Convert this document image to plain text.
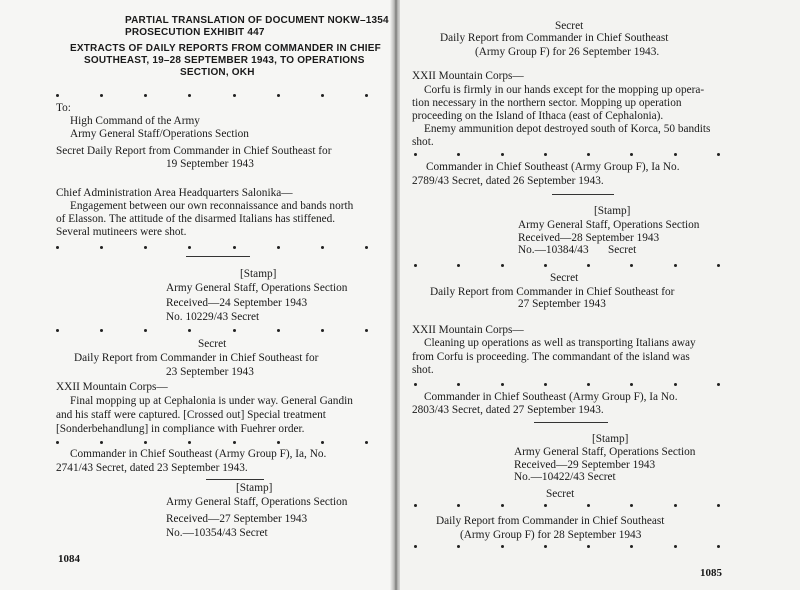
PARTIAL TRANSLATION OF DOCUMENT NOKW–1354
PROSECUTION EXHIBIT 447
EXTRACTS OF DAILY REPORTS FROM COMMANDER IN CHIEF
SOUTHEAST, 19–28 SEPTEMBER 1943, TO OPERATIONS
SECTION, OKH
To:
High Command of the Army
Army General Staff/Operations Section
Secret Daily Report from Commander in Chief Southeast for
19 September 1943
Chief Administration Area Headquarters Salonika—
Engagement between our own reconnaissance and bands north
of Elasson. The attitude of the disarmed Italians has stiffened.
Several mutineers were shot.
[Stamp]
Army General Staff, Operations Section
Received—24 September 1943
No. 10229/43 Secret
Secret
Daily Report from Commander in Chief Southeast for
23 September 1943
XXII Mountain Corps—
Final mopping up at Cephalonia is under way. General Gandin
and his staff were captured. [Crossed out] Special treatment
[Sonderbehandlung] in compliance with Fuehrer order.
Commander in Chief Southeast (Army Group F), Ia, No.
2741/43 Secret, dated 23 September 1943.
[Stamp]
Army General Staff, Operations Section
Received—27 September 1943
No.—10354/43 Secret
1084
Secret
Daily Report from Commander in Chief Southeast
(Army Group F) for 26 September 1943.
XXII Mountain Corps—
Corfu is firmly in our hands except for the mopping up opera-
tion necessary in the northern sector. Mopping up operation
proceeding on the Island of Ithaca (east of Cephalonia).
Enemy ammunition depot destroyed south of Korca, 50 bandits
shot.
Commander in Chief Southeast (Army Group F), Ia No.
2789/43 Secret, dated 26 September 1943.
[Stamp]
Army General Staff, Operations Section
Received—28 September 1943
No.—10384/43 Secret
Secret
Daily Report from Commander in Chief Southeast for
27 September 1943
XXII Mountain Corps—
Cleaning up operations as well as transporting Italians away
from Corfu is proceeding. The commandant of the island was
shot.
Commander in Chief Southeast (Army Group F), Ia No.
2803/43 Secret, dated 27 September 1943.
[Stamp]
Army General Staff, Operations Section
Received—29 September 1943
No.—10422/43 Secret
Secret
Daily Report from Commander in Chief Southeast
(Army Group F) for 28 September 1943
1085
